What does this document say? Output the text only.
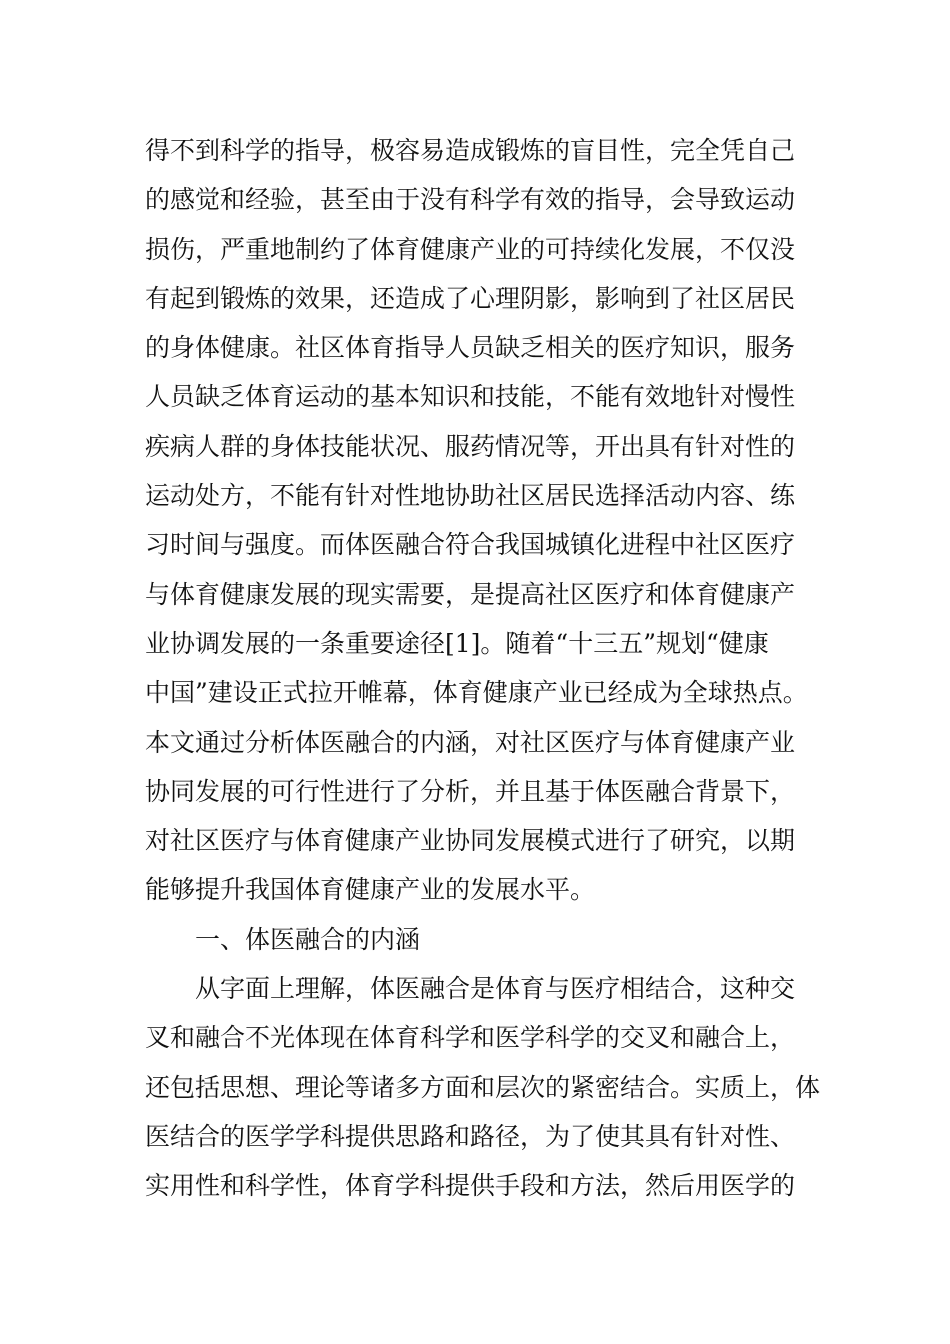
得不到科学的指导，极容易造成锻炼的盲目性，完全凭自己
的感觉和经验，甚至由于没有科学有效的指导，会导致运动
损伤，严重地制约了体育健康产业的可持续化发展，不仅没
有起到锻炼的效果，还造成了心理阴影，影响到了社区居民
的身体健康。社区体育指导人员缺乏相关的医疗知识，服务
人员缺乏体育运动的基本知识和技能，不能有效地针对慢性
疾病人群的身体技能状况、服药情况等，开出具有针对性的
运动处方，不能有针对性地协助社区居民选择活动内容、练
习时间与强度。而体医融合符合我国城镇化进程中社区医疗
与体育健康发展的现实需要，是提高社区医疗和体育健康产
业协调发展的一条重要途径[1]。随着“十三五”规划“健康
中国”建设正式拉开帷幕，体育健康产业已经成为全球热点。
本文通过分析体医融合的内涵，对社区医疗与体育健康产业
协同发展的可行性进行了分析，并且基于体医融合背景下，
对社区医疗与体育健康产业协同发展模式进行了研究，以期
能够提升我国体育健康产业的发展水平。
一、体医融合的内涵
从字面上理解，体医融合是体育与医疗相结合，这种交
叉和融合不光体现在体育科学和医学科学的交叉和融合上，
还包括思想、理论等诸多方面和层次的紧密结合。实质上，体
医结合的医学学科提供思路和路径，为了使其具有针对性、
实用性和科学性，体育学科提供手段和方法，然后用医学的
